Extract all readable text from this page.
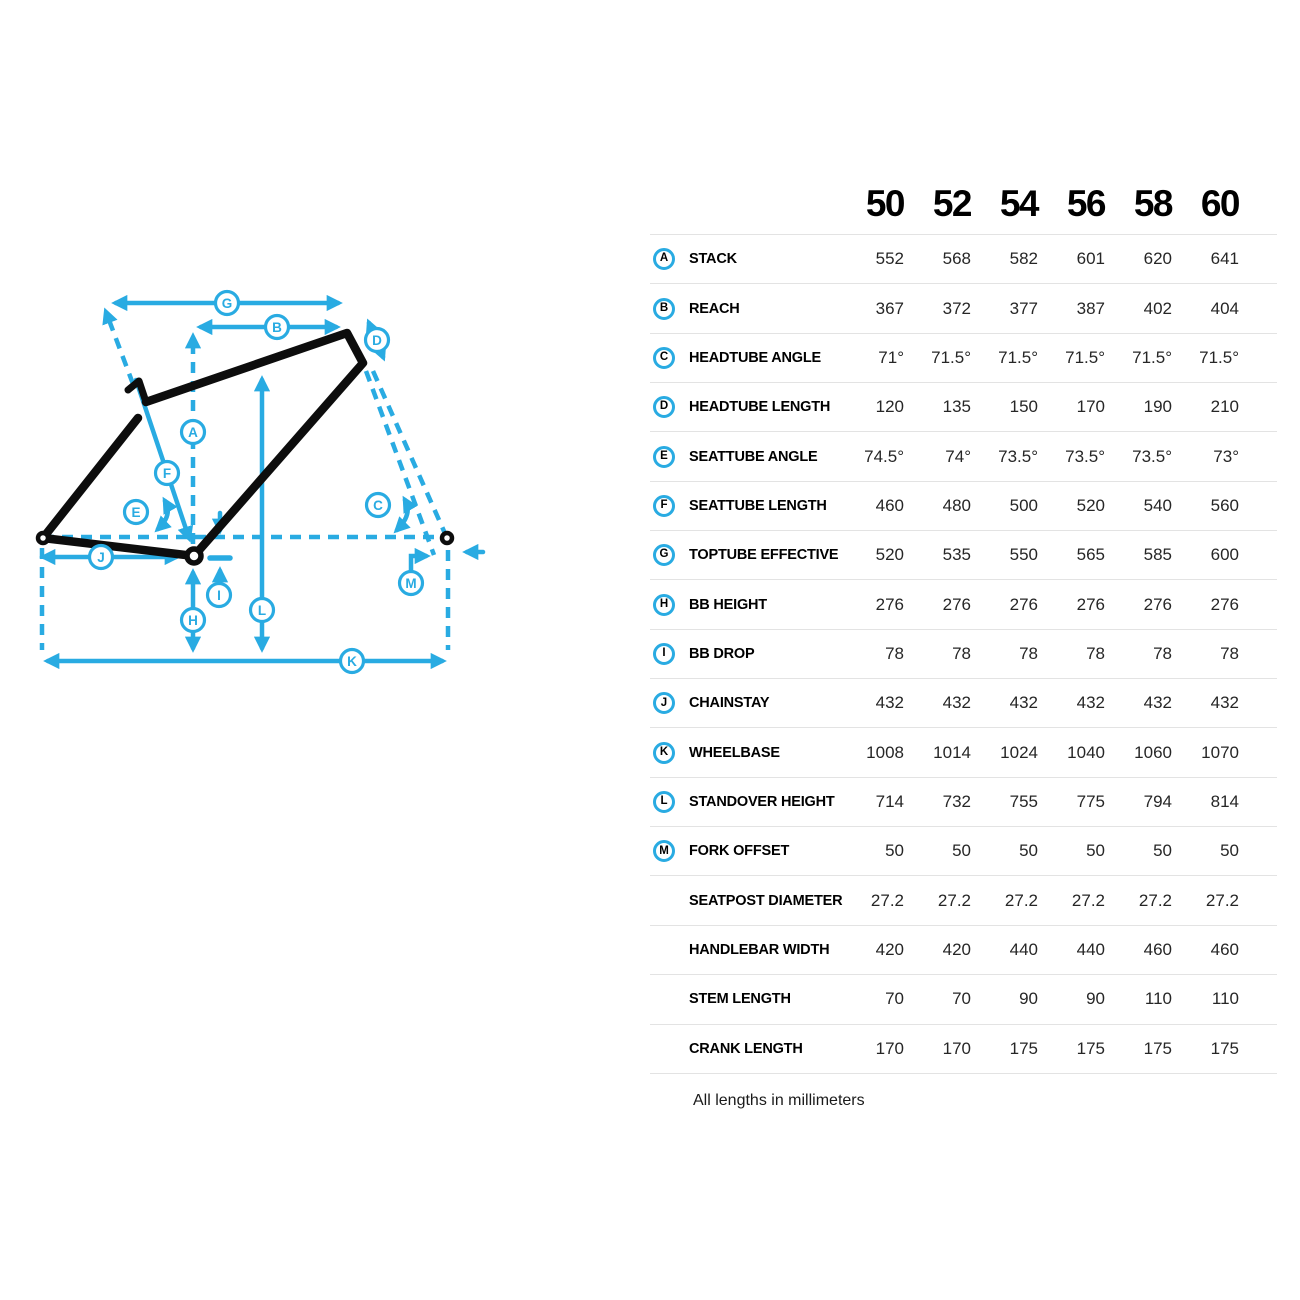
G
B
D
A
F
E	C
J
I
H
L
K
M
50 52 54 56 58 60
A	STACK	552	568	582	601	620	641
B	REACH	367	372	377	387	402	404
C	HEADTUBE ANGLE	71°	71.5°	71.5°	71.5°	71.5°	71.5°
D	HEADTUBE LENGTH	120	135	150	170	190	210
E	SEATTUBE ANGLE	74.5°	74°	73.5°	73.5°	73.5°	73°
F	SEATTUBE LENGTH	460	480	500	520	540	560
G	TOPTUBE EFFECTIVE	520	535	550	565	585	600
H	BB HEIGHT	276	276	276	276	276	276
I	BB DROP	78	78	78	78	78	78
J	CHAINSTAY	432	432	432	432	432	432
K	WHEELBASE	1008	1014	1024	1040	1060	1070
L	STANDOVER HEIGHT	714	732	755	775	794	814
M	FORK OFFSET	50	50	50	50	50	50
SEATPOST DIAMETER	27.2	27.2	27.2	27.2	27.2	27.2
HANDLEBAR WIDTH	420	420	440	440	460	460
STEM LENGTH	70	70	90	90	110	110
CRANK LENGTH	170	170	175	175	175	175
All lengths in millimeters
